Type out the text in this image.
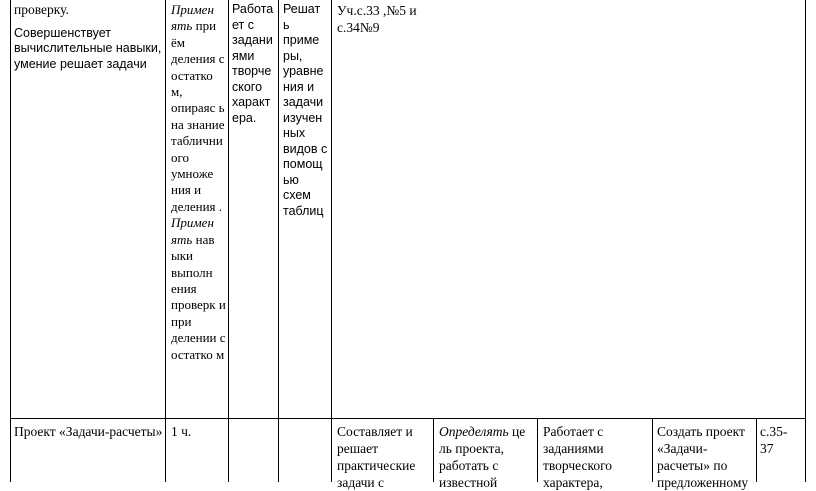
проверку.

Совершенствует вычислительные навыки, умение решает задачи

Примен ять при ём деления с остатко м, опираяс ь на знание таблични ого умноже ния и деления .

Примен ять нав ыки выполн ения проверк и при делении с остатко м

Работа ет с задани ями творче ского характ ера.
Решат ь приме ры, уравне ния и задачи изучен ных видов с помощ ью схем таблиц
Уч.с.33 ,№5 и с.34№9
Проект «Задачи-расчеты» 1 ч.	Составляет и решает практические задачи с
Определять це ль проекта, работать с известной
Работает с заданиями творческого характера,
Создать проект «Задачи-расчеты» по предложенному
с.35-37
